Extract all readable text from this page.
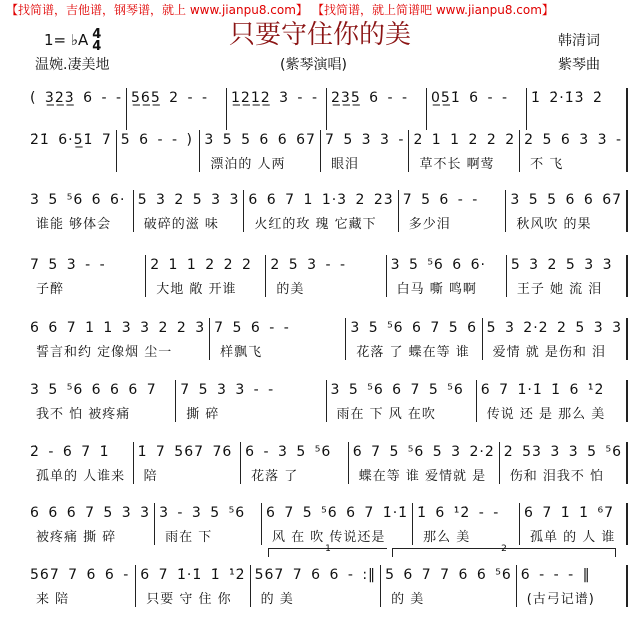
【找简谱，吉他谱，钢琴谱，就上 www.jianpu8.com】 【找简谱，就上简谱吧 www.jianpu8.com】
只要守住你的美
1= ♭A 4
4
温婉.凄美地	(紫琴演唱)
韩清词
紫琴曲
( 3̲2̲3̲ 6 - - 5̲6̲5̲ 2 - -	1̲2̲1̲2̲ 3 - - 2̲3̲5̲ 6 - -	0̲5̲1̇ 6 - -	1̇ 2̇·1̇3̇ 2̇
2̇1̇ 6·5̲1̇ 7 5 6 - - ) 3 5 5 6 6 67
漂泊的 人两
7 5 3 3 -
眼泪
2 1 1 2 2 2
草不长 啊莺
2 5 6 3 3 -
不 飞
3 5 ⁵6 6 6·
谁能 够体会
5 3 2 5 3 3
破碎的滋 味
6 6 7 1 1·3 2 23
火红的玫 瑰 它藏下
7 5 6 - -
多少泪
3 5 5 6 6 67
秋风吹 的果
7 5 3 - -
子醉
2 1 1 2 2 2
大地 敞 开谁
2 5 3 - -
的美
3 5 ⁵6 6 6·
白马 嘶 鸣啊
5 3 2 5 3 3
王子 她 流 泪
6 6 7 1 1 3 3 2 2 3
誓言和约 定像烟 尘一
7 5 6 - -
样飘飞
3 5 ⁵6 6 7 5 6
花落 了 蝶在等 谁
5 3 2·2 2 5 3 3
爱情 就 是伤和 泪
3 5 ⁵6 6 6 6 7
我不 怕 被疼痛
7 5 3 3 - -
撕 碎
3 5 ⁵6 6 7 5 ⁵6
雨在 下 风 在吹
6 7 1̇·1̇ 1̇ 6 ¹̇2̇
传说 还 是 那么 美
2̇ - 6 7 1̇
孤单的 人谁来
1̇ 7 567 76
陪
6 - 3 5 ⁵6
花落 了
6 7 5 ⁵6 5 3 2·2
蝶在等 谁 爱情就 是
2 53 3 3 5 ⁵6
伤和 泪我不 怕
6 6 6 7 5 3 3
被疼痛 撕 碎
3 - 3 5 ⁵6
雨在 下
6 7 5 ⁵6 6 7 1̇·1̇
风 在 吹 传说还是
1̇ 6 ¹̇2̇ - -
那么 美
6 7 1̇ 1̇ ⁶7
孤单 的 人 谁
567 7 6 6 -
来 陪
6 7 1̇·1̇ 1̇ ¹̇2̇
只要 守 住 你
567 7 6 6 - :‖
的 美
5 6 7 7 6 6 ⁵6
的 美
6 - - - ‖
(古弓记谱)
1	2
